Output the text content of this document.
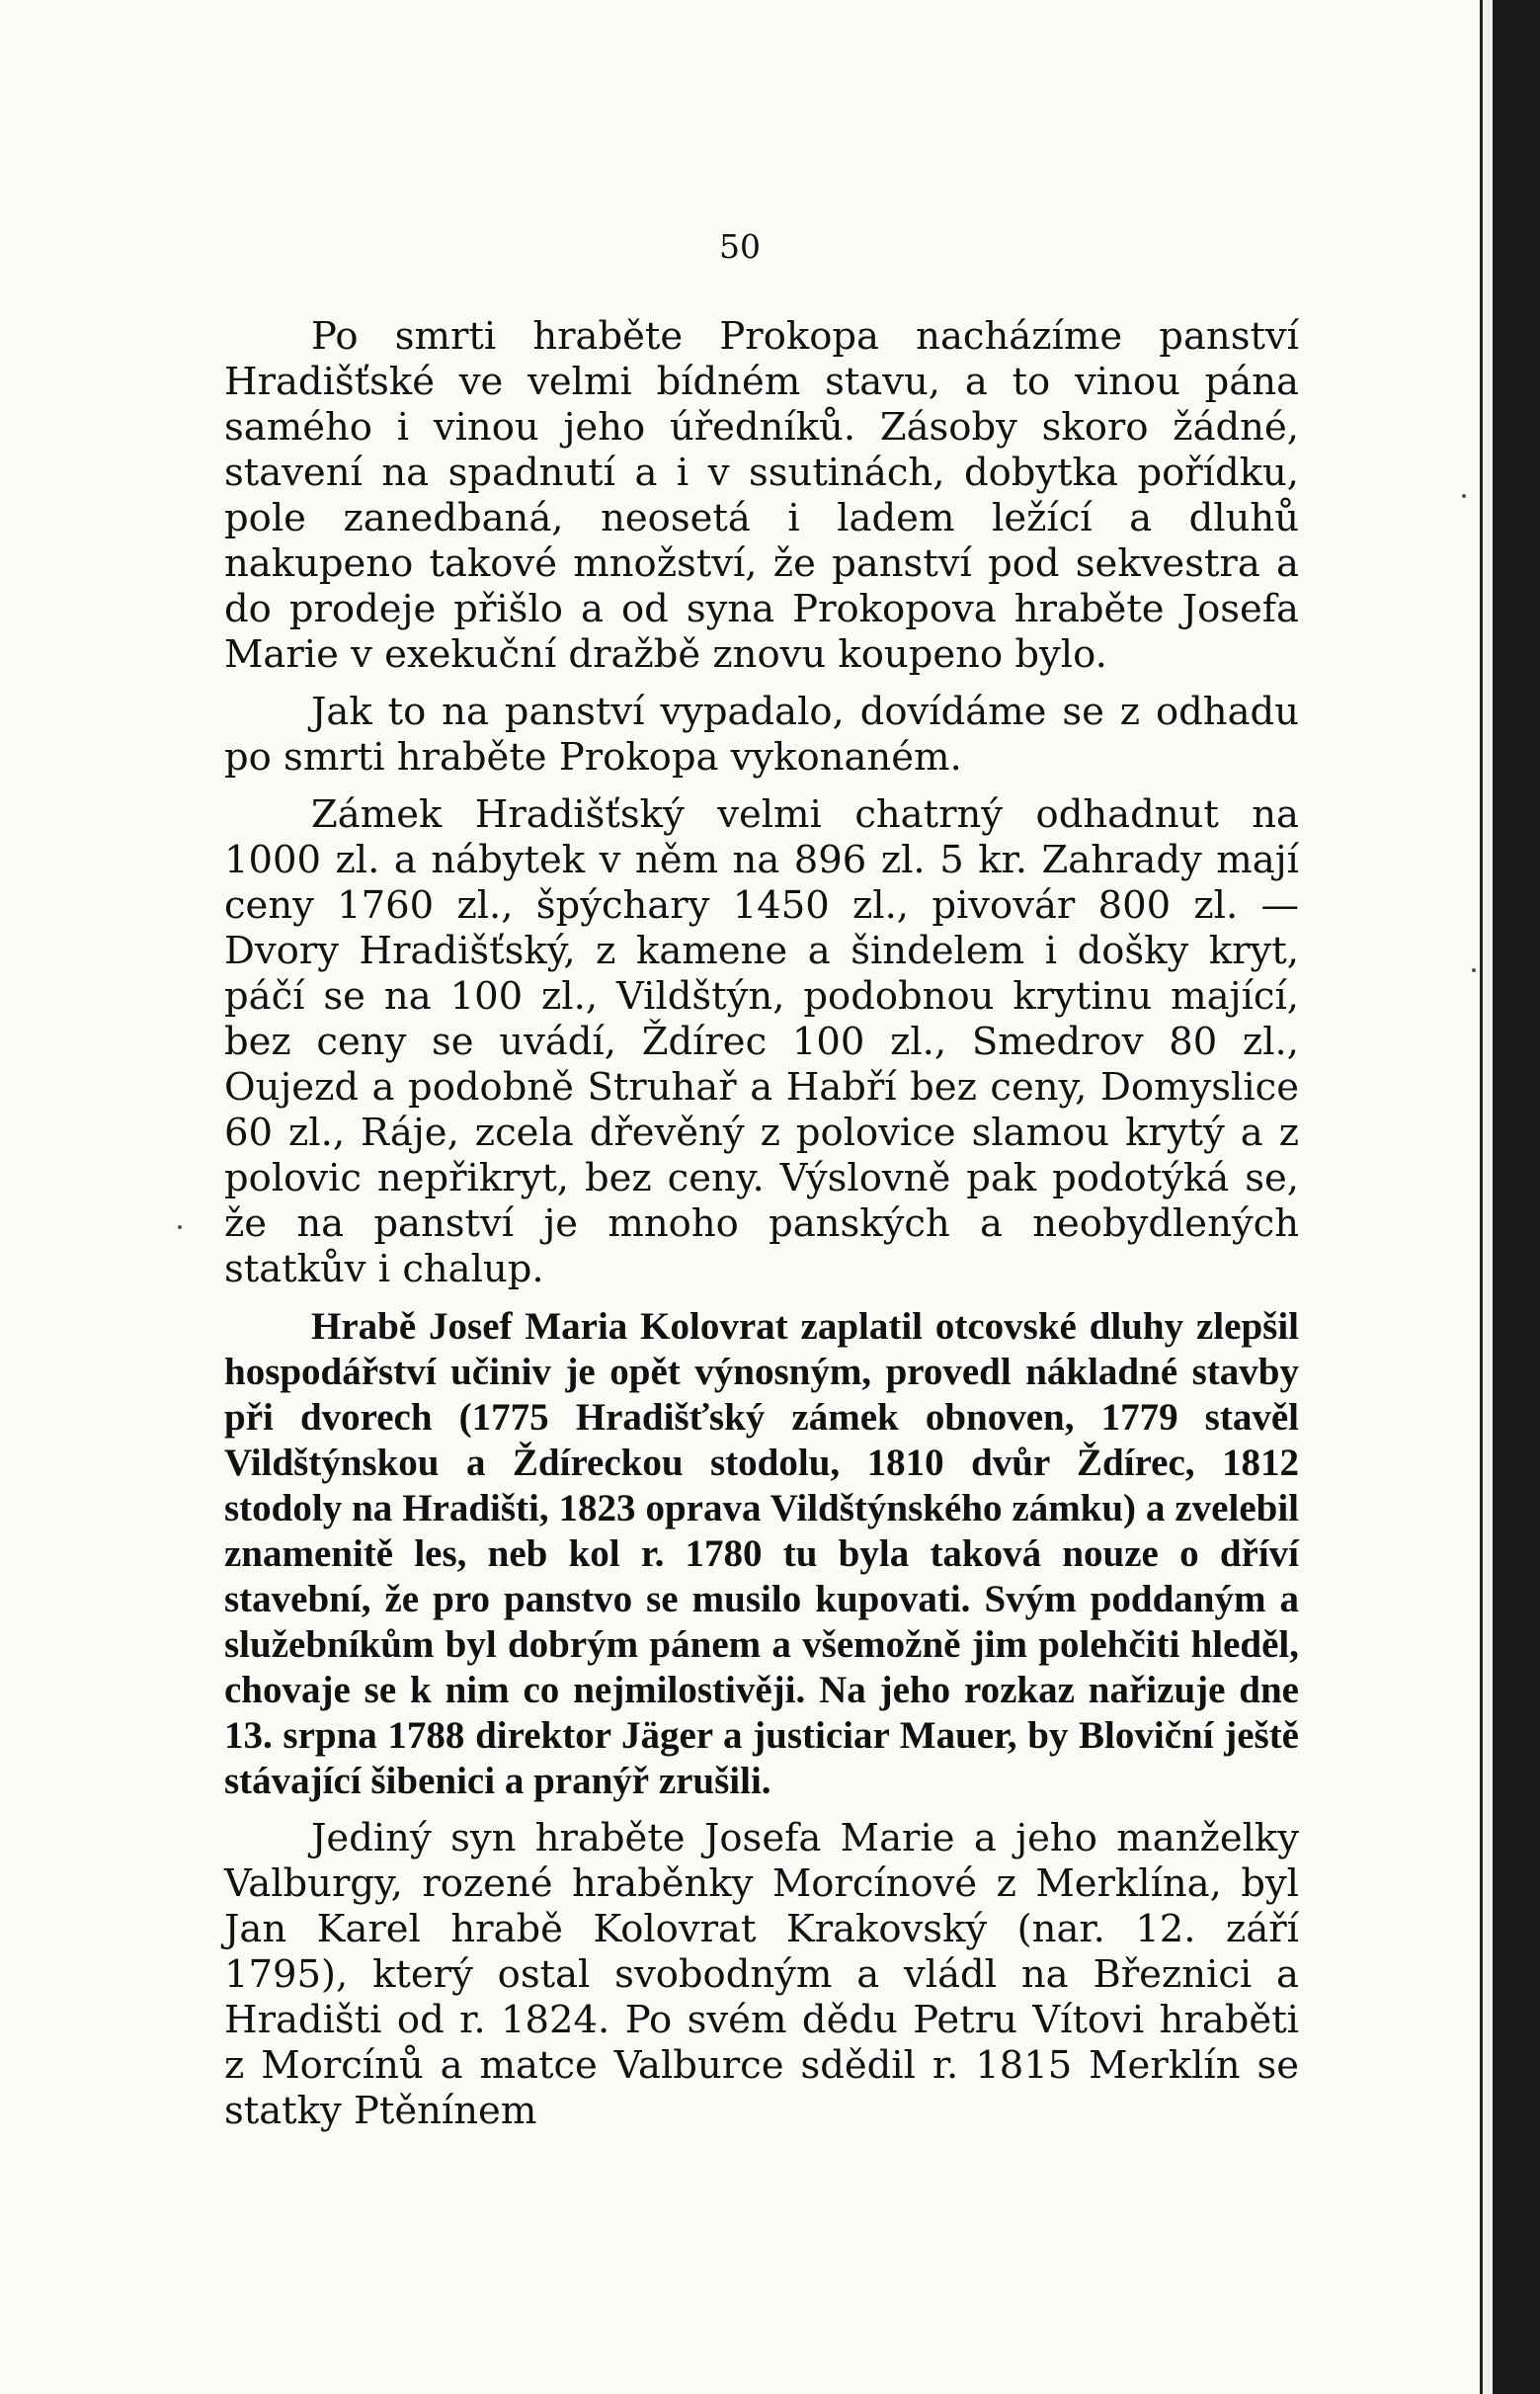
50

Po smrti hraběte Prokopa nacházíme panství Hradišťské ve velmi bídném stavu, a to vinou pána samého i vinou jeho úředníků. Zásoby skoro žádné, stavení na spadnutí a i v ssutinách, dobytka pořídku, pole zanedbaná, neosetá i ladem ležící a dluhů nakupeno takové množství, že panství pod sekvestra a do prodeje přišlo a od syna Prokopova hraběte Josefa Marie v exekuční dražbě znovu koupeno bylo.

Jak to na panství vypadalo, dovídáme se z odhadu po smrti hraběte Prokopa vykonaném.

Zámek Hradišťský velmi chatrný odhadnut na 1000 zl. a nábytek v něm na 896 zl. 5 kr. Zahrady mají ceny 1760 zl., špýchary 1450 zl., pivovár 800 zl. — Dvory Hradišťský, z kamene a šindelem i došky kryt, páčí se na 100 zl., Vildštýn, podobnou krytinu mající, bez ceny se uvádí, Ždírec 100 zl., Smedrov 80 zl., Oujezd a podobně Struhař a Habří bez ceny, Domyslice 60 zl., Ráje, zcela dřevěný z polovice slamou krytý a z polovic nepřikryt, bez ceny. Výslovně pak podotýká se, že na panství je mnoho panských a neobydlených statkův i chalup.

Hrabě Josef Maria Kolovrat zaplatil otcovské dluhy zlepšil hospodářství učiniv je opět výnosným, provedl nákladné stavby při dvorech (1775 Hradišťský zámek obnoven, 1779 stavěl Vildštýnskou a Ždíreckou stodolu, 1810 dvůr Ždírec, 1812 stodoly na Hradišti, 1823 oprava Vildštýnského zámku) a zvelebil znamenitě les, neb kol r. 1780 tu byla taková nouze o dříví stavební, že pro panstvo se musilo kupovati. Svým poddaným a služebníkům byl dobrým pánem a všemožně jim polehčiti hleděl, chovaje se k nim co nejmilostivěji. Na jeho rozkaz nařizuje dne 13. srpna 1788 direktor Jäger a justiciar Mauer, by Bloviční ještě stávající šibenici a pranýř zrušili.

Jediný syn hraběte Josefa Marie a jeho manželky Valburgy, rozené hraběnky Morcínové z Merklína, byl Jan Karel hrabě Kolovrat Krakovský (nar. 12. září 1795), který ostal svobodným a vládl na Březnici a Hradišti od r. 1824. Po svém dědu Petru Vítovi hraběti z Morcínů a matce Valburce sdědil r. 1815 Merklín se statky Ptěnínem
